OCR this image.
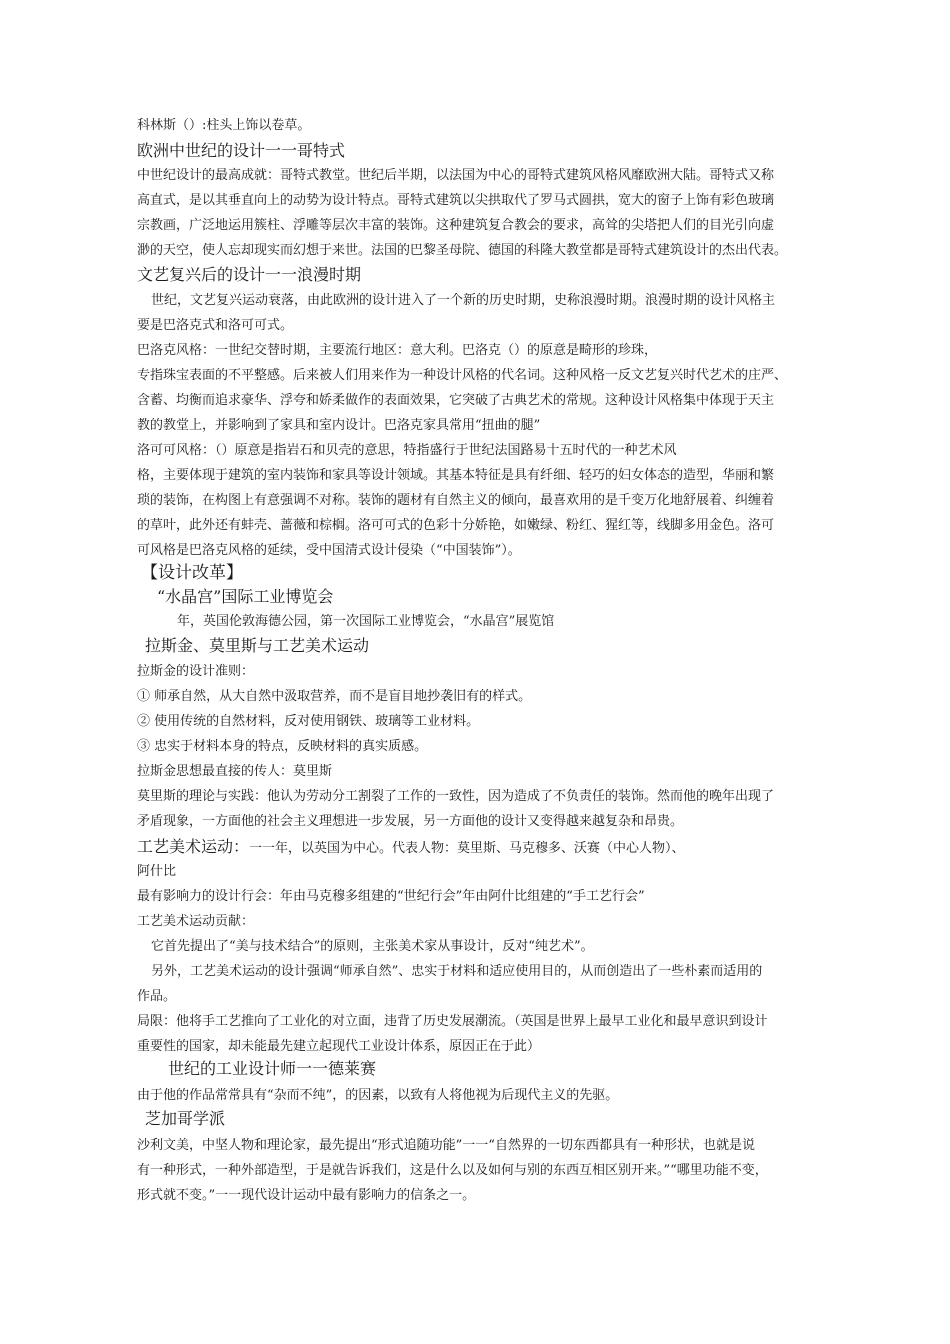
科林斯（）:柱头上饰以卷草。
欧洲中世纪的设计一一哥特式
中世纪设计的最高成就：哥特式教堂。世纪后半期，以法国为中心的哥特式建筑风格风靡欧洲大陆。哥特式又称
高直式，是以其垂直向上的动势为设计特点。哥特式建筑以尖拱取代了罗马式圆拱，宽大的窗子上饰有彩色玻璃
宗教画，广泛地运用簇柱、浮雕等层次丰富的装饰。这种建筑复合教会的要求，高耸的尖塔把人们的目光引向虚
渺的天空，使人忘却现实而幻想于来世。法国的巴黎圣母院、德国的科隆大教堂都是哥特式建筑设计的杰出代表。
文艺复兴后的设计一一浪漫时期
世纪，文艺复兴运动衰落，由此欧洲的设计进入了一个新的历史时期，史称浪漫时期。浪漫时期的设计风格主
要是巴洛克式和洛可可式。
巴洛克风格：一世纪交替时期，主要流行地区：意大利。巴洛克（）的原意是畸形的珍珠，
专指珠宝表面的不平整感。后来被人们用来作为一种设计风格的代名词。这种风格一反文艺复兴时代艺术的庄严、
含蓄、均衡而追求豪华、浮夸和娇柔做作的表面效果，它突破了古典艺术的常规。这种设计风格集中体现于天主
教的教堂上，并影响到了家具和室内设计。巴洛克家具常用“扭曲的腿”
洛可可风格：（）原意是指岩石和贝壳的意思，特指盛行于世纪法国路易十五时代的一种艺术风
格，主要体现于建筑的室内装饰和家具等设计领域。其基本特征是具有纤细、轻巧的妇女体态的造型，华丽和繁
琐的装饰，在构图上有意强调不对称。装饰的题材有自然主义的倾向，最喜欢用的是千变万化地舒展着、纠缠着
的草叶，此外还有蚌壳、蔷薇和棕榈。洛可可式的色彩十分娇艳，如嫩绿、粉红、猩红等，线脚多用金色。洛可
可风格是巴洛克风格的延续，受中国清式设计侵染（“中国装饰”）。
【设计改革】
“水晶宫”国际工业博览会
年，英国伦敦海德公园，第一次国际工业博览会，“水晶宫”展览馆
拉斯金、莫里斯与工艺美术运动
拉斯金的设计准则：
① 师承自然，从大自然中汲取营养，而不是盲目地抄袭旧有的样式。
② 使用传统的自然材料，反对使用钢铁、玻璃等工业材料。
③ 忠实于材料本身的特点，反映材料的真实质感。
拉斯金思想最直接的传人：莫里斯
莫里斯的理论与实践：他认为劳动分工割裂了工作的一致性，因为造成了不负责任的装饰。然而他的晚年出现了
矛盾现象，一方面他的社会主义理想进一步发展，另一方面他的设计又变得越来越复杂和昂贵。
工艺美术运动：一一年，以英国为中心。代表人物：莫里斯、马克穆多、沃赛（中心人物）、
阿什比
最有影响力的设计行会：年由马克穆多组建的“世纪行会”年由阿什比组建的“手工艺行会”
工艺美术运动贡献：
它首先提出了“美与技术结合”的原则，主张美术家从事设计，反对“纯艺术”。
另外，工艺美术运动的设计强调“师承自然”、忠实于材料和适应使用目的，从而创造出了一些朴素而适用的
作品。
局限：他将手工艺推向了工业化的对立面，违背了历史发展潮流。（英国是世界上最早工业化和最早意识到设计
重要性的国家，却未能最先建立起现代工业设计体系，原因正在于此）
世纪的工业设计师一一德莱赛
由于他的作品常常具有“杂而不纯”，的因素，以致有人将他视为后现代主义的先驱。
芝加哥学派
沙利文美，中坚人物和理论家，最先提出“形式追随功能”一一“自然界的一切东西都具有一种形状，也就是说
有一种形式，一种外部造型，于是就告诉我们，这是什么以及如何与别的东西互相区别开来。”“哪里功能不变，
形式就不变。”一一现代设计运动中最有影响力的信条之一。
